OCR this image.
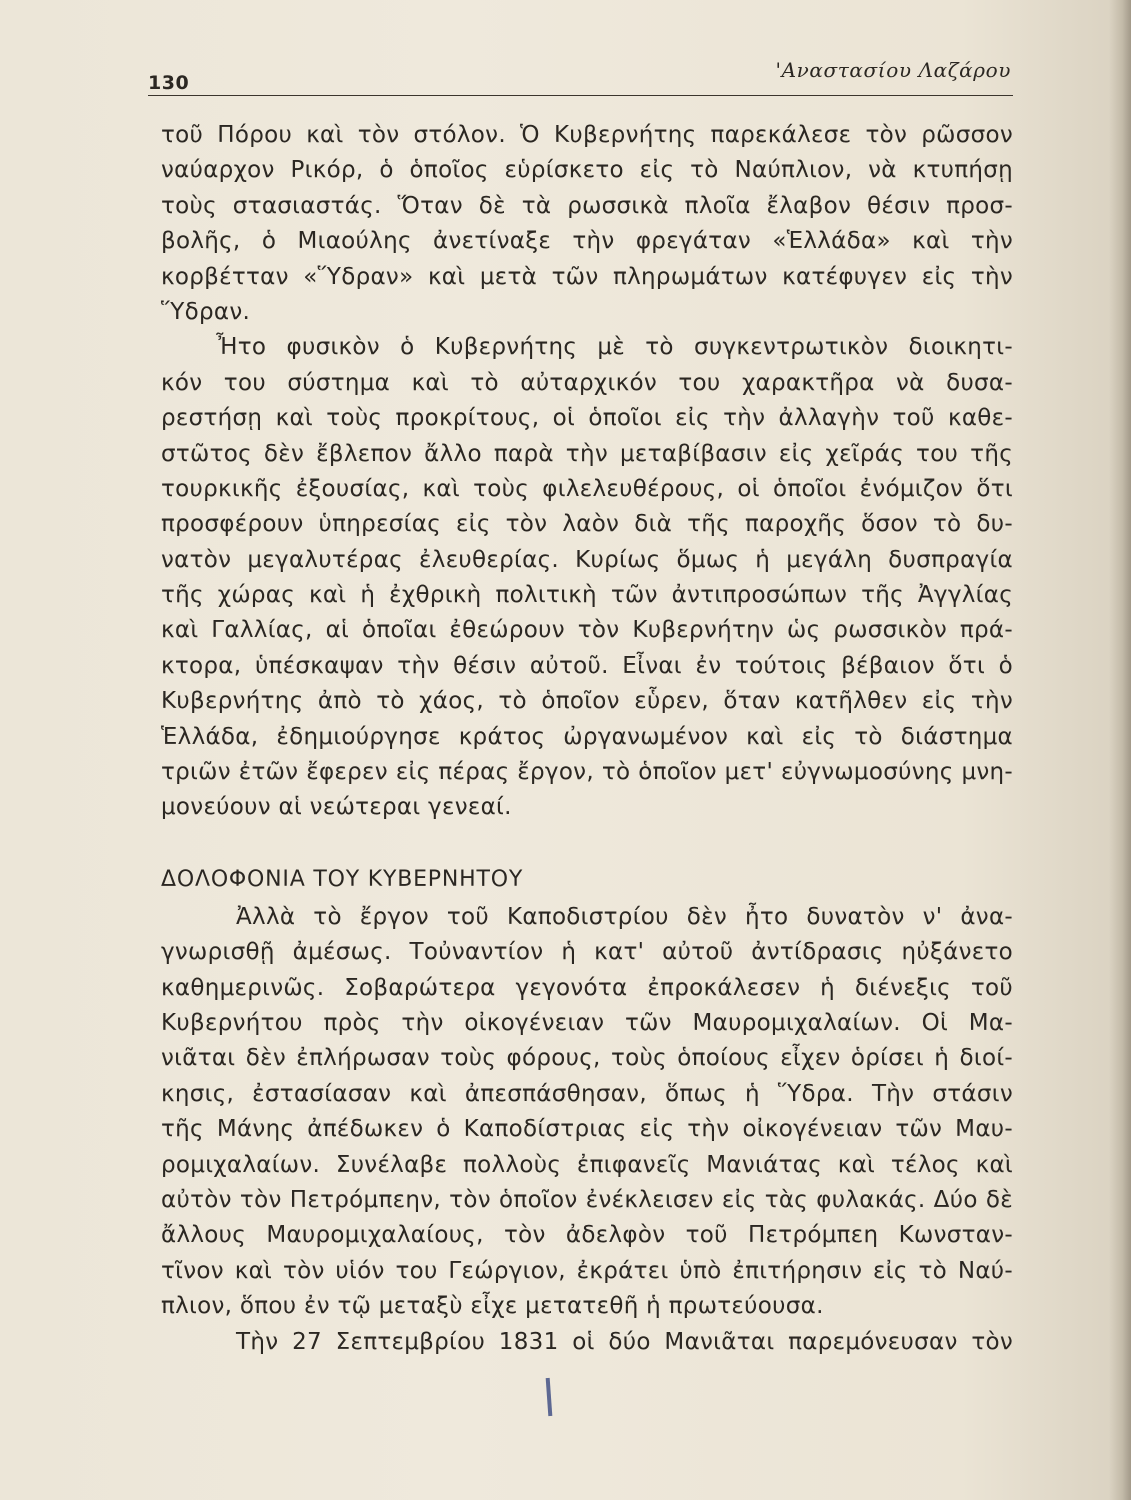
130
'Αναστασίου Λαζάρου
τοῦ Πόρου καὶ τὸν στόλον. Ὁ Κυβερνήτης παρεκάλεσε τὸν ρῶσσον
ναύαρχον Ρικόρ, ὁ ὁποῖος εὑρίσκετο εἰς τὸ Ναύπλιον, νὰ κτυπήσῃ
τοὺς στασιαστάς. Ὅταν δὲ τὰ ρωσσικὰ πλοῖα ἔλαβον θέσιν προσ-
βολῆς, ὁ Μιαούλης ἀνετίναξε τὴν φρεγάταν «Ἑλλάδα» καὶ τὴν
κορβέτταν «Ὕδραν» καὶ μετὰ τῶν πληρωμάτων κατέφυγεν εἰς τὴν
Ὕδραν.
Ἦτο φυσικὸν ὁ Κυβερνήτης μὲ τὸ συγκεντρωτικὸν διοικητι-
κόν του σύστημα καὶ τὸ αὐταρχικόν του χαρακτῆρα νὰ δυσα-
ρεστήσῃ καὶ τοὺς προκρίτους, οἱ ὁποῖοι εἰς τὴν ἀλλαγὴν τοῦ καθε-
στῶτος δὲν ἔβλεπον ἄλλο παρὰ τὴν μεταβίβασιν εἰς χεῖράς του τῆς
τουρκικῆς ἐξουσίας, καὶ τοὺς φιλελευθέρους, οἱ ὁποῖοι ἐνόμιζον ὅτι
προσφέρουν ὑπηρεσίας εἰς τὸν λαὸν διὰ τῆς παροχῆς ὅσον τὸ δυ-
νατὸν μεγαλυτέρας ἐλευθερίας. Κυρίως ὅμως ἡ μεγάλη δυσπραγία
τῆς χώρας καὶ ἡ ἐχθρικὴ πολιτικὴ τῶν ἀντιπροσώπων τῆς Ἀγγλίας
καὶ Γαλλίας, αἱ ὁποῖαι ἐθεώρουν τὸν Κυβερνήτην ὡς ρωσσικὸν πρά-
κτορα, ὑπέσκαψαν τὴν θέσιν αὐτοῦ. Εἶναι ἐν τούτοις βέβαιον ὅτι ὁ
Κυβερνήτης ἀπὸ τὸ χάος, τὸ ὁποῖον εὗρεν, ὅταν κατῆλθεν εἰς τὴν
Ἑλλάδα, ἐδημιούργησε κράτος ὠργανωμένον καὶ εἰς τὸ διάστημα
τριῶν ἐτῶν ἔφερεν εἰς πέρας ἔργον, τὸ ὁποῖον μετ' εὐγνωμοσύνης μνη-
μονεύουν αἱ νεώτεραι γενεαί.
ΔΟΛΟΦΟΝΙΑ ΤΟΥ ΚΥΒΕΡΝΗΤΟΥ
Ἀλλὰ τὸ ἔργον τοῦ Καποδιστρίου δὲν ἦτο δυνατὸν ν' ἀνα-
γνωρισθῇ ἀμέσως. Τοὐναντίον ἡ κατ' αὐτοῦ ἀντίδρασις ηὐξάνετο
καθημερινῶς. Σοβαρώτερα γεγονότα ἐπροκάλεσεν ἡ διένεξις τοῦ
Κυβερνήτου πρὸς τὴν οἰκογένειαν τῶν Μαυρομιχαλαίων. Οἱ Μα-
νιᾶται δὲν ἐπλήρωσαν τοὺς φόρους, τοὺς ὁποίους εἶχεν ὁρίσει ἡ διοί-
κησις, ἐστασίασαν καὶ ἀπεσπάσθησαν, ὅπως ἡ Ὕδρα. Τὴν στάσιν
τῆς Μάνης ἀπέδωκεν ὁ Καποδίστριας εἰς τὴν οἰκογένειαν τῶν Μαυ-
ρομιχαλαίων. Συνέλαβε πολλοὺς ἐπιφανεῖς Μανιάτας καὶ τέλος καὶ
αὐτὸν τὸν Πετρόμπεην, τὸν ὁποῖον ἐνέκλεισεν εἰς τὰς φυλακάς. Δύο δὲ
ἄλλους Μαυρομιχαλαίους, τὸν ἀδελφὸν τοῦ Πετρόμπεη Κωνσταν-
τῖνον καὶ τὸν υἱόν του Γεώργιον, ἐκράτει ὑπὸ ἐπιτήρησιν εἰς τὸ Ναύ-
πλιον, ὅπου ἐν τῷ μεταξὺ εἶχε μετατεθῆ ἡ πρωτεύουσα.
Τὴν 27 Σεπτεμβρίου 1831 οἱ δύο Μανιᾶται παρεμόνευσαν τὸν
